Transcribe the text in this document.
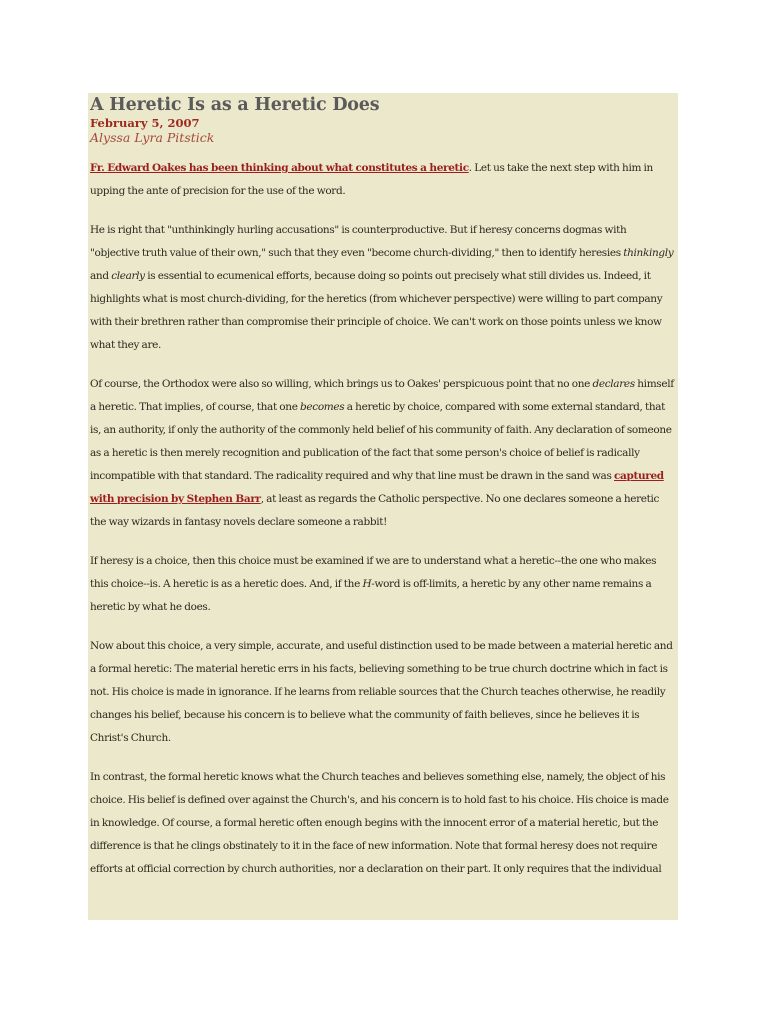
A Heretic Is as a Heretic Does
February 5, 2007
Alyssa Lyra Pitstick

Fr. Edward Oakes has been thinking about what constitutes a heretic. Let us take the next step with him in upping the ante of precision for the use of the word.

He is right that "unthinkingly hurling accusations" is counterproductive. But if heresy concerns dogmas with "objective truth value of their own," such that they even "become church-dividing," then to identify heresies thinkingly and clearly is essential to ecumenical efforts, because doing so points out precisely what still divides us. Indeed, it highlights what is most church-dividing, for the heretics (from whichever perspective) were willing to part company with their brethren rather than compromise their principle of choice. We can't work on those points unless we know what they are.

Of course, the Orthodox were also so willing, which brings us to Oakes' perspicuous point that no one declares himself a heretic. That implies, of course, that one becomes a heretic by choice, compared with some external standard, that is, an authority, if only the authority of the commonly held belief of his community of faith. Any declaration of someone as a heretic is then merely recognition and publication of the fact that some person's choice of belief is radically incompatible with that standard. The radicality required and why that line must be drawn in the sand was captured with precision by Stephen Barr, at least as regards the Catholic perspective. No one declares someone a heretic the way wizards in fantasy novels declare someone a rabbit!

If heresy is a choice, then this choice must be examined if we are to understand what a heretic--the one who makes this choice--is. A heretic is as a heretic does. And, if the H-word is off-limits, a heretic by any other name remains a heretic by what he does.

Now about this choice, a very simple, accurate, and useful distinction used to be made between a material heretic and a formal heretic: The material heretic errs in his facts, believing something to be true church doctrine which in fact is not. His choice is made in ignorance. If he learns from reliable sources that the Church teaches otherwise, he readily changes his belief, because his concern is to believe what the community of faith believes, since he believes it is Christ's Church.

In contrast, the formal heretic knows what the Church teaches and believes something else, namely, the object of his choice. His belief is defined over against the Church's, and his concern is to hold fast to his choice. His choice is made in knowledge. Of course, a formal heretic often enough begins with the innocent error of a material heretic, but the difference is that he clings obstinately to it in the face of new information. Note that formal heresy does not require efforts at official correction by church authorities, nor a declaration on their part. It only requires that the individual
